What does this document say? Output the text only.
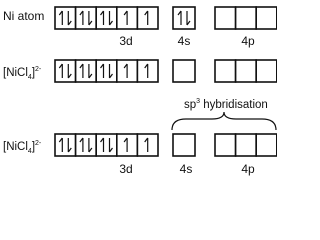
Ni atom
[NiCl$_4$]$^{2-}$
[NiCl$_4$]$^{2-}$
3d	4s	4p
$sp^3$ hybridisation
3d	4s	4p
